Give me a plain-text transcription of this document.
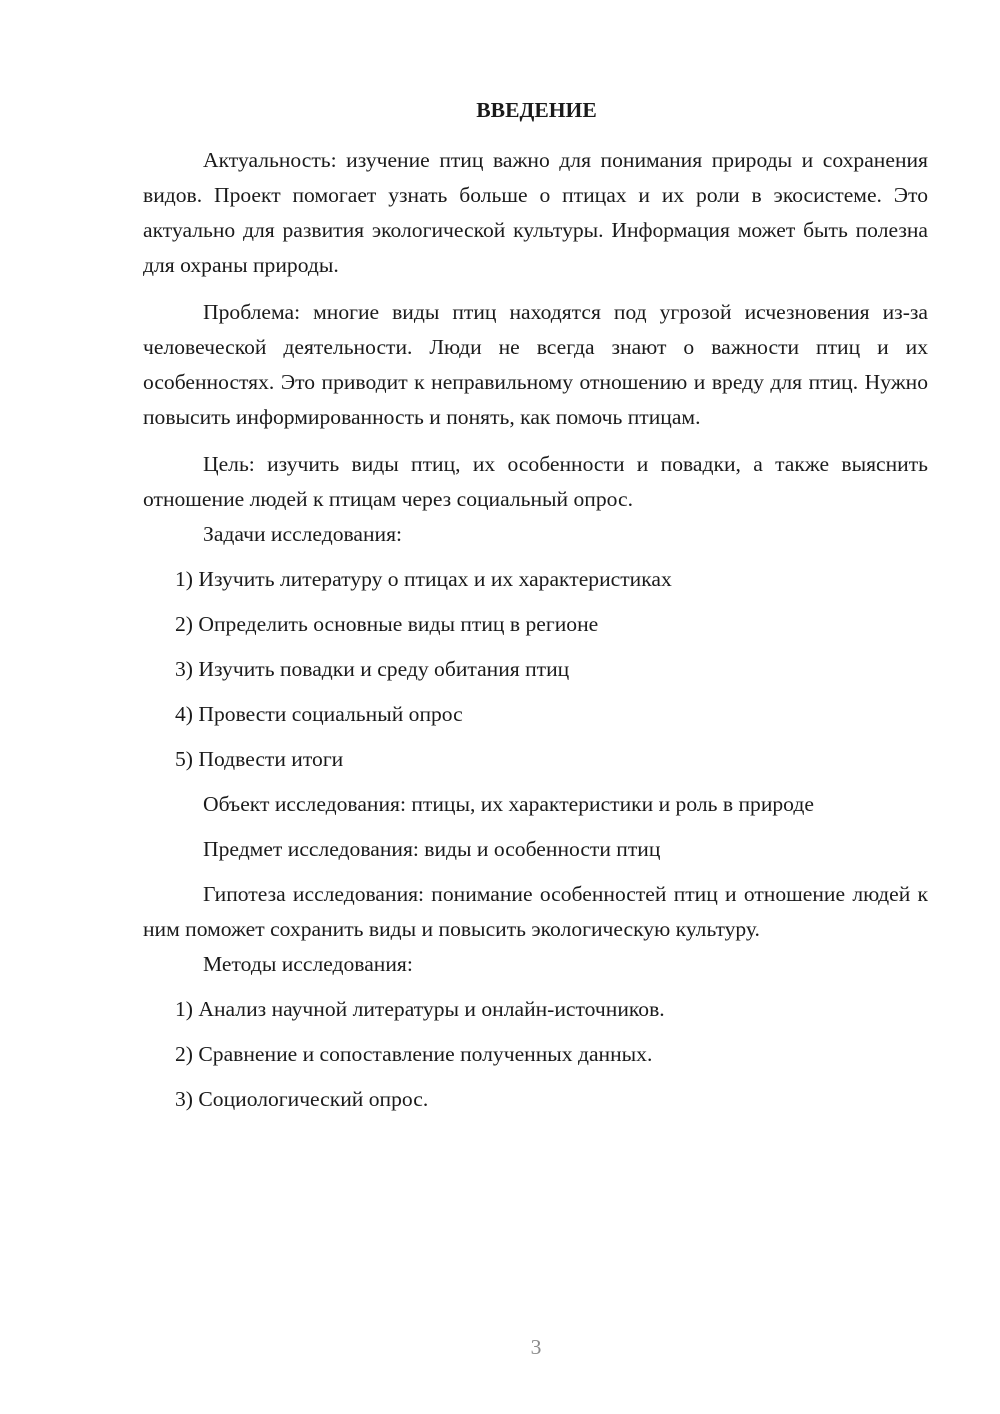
ВВЕДЕНИЕ

Актуальность: изучение птиц важно для понимания природы и сохранения видов. Проект помогает узнать больше о птицах и их роли в экосистеме. Это актуально для развития экологической культуры. Информация может быть полезна для охраны природы.

Проблема: многие виды птиц находятся под угрозой исчезновения из-за человеческой деятельности. Люди не всегда знают о важности птиц и их особенностях. Это приводит к неправильному отношению и вреду для птиц. Нужно повысить информированность и понять, как помочь птицам.

Цель: изучить виды птиц, их особенности и повадки, а также выяснить отношение людей к птицам через социальный опрос.

Задачи исследования:

1) Изучить литературу о птицах и их характеристиках

2) Определить основные виды птиц в регионе

3) Изучить повадки и среду обитания птиц

4) Провести социальный опрос

5) Подвести итоги

Объект исследования: птицы, их характеристики и роль в природе

Предмет исследования: виды и особенности птиц

Гипотеза исследования: понимание особенностей птиц и отношение людей к ним поможет сохранить виды и повысить экологическую культуру.

Методы исследования:

1) Анализ научной литературы и онлайн-источников.

2) Сравнение и сопоставление полученных данных.

3) Социологический опрос.

3
